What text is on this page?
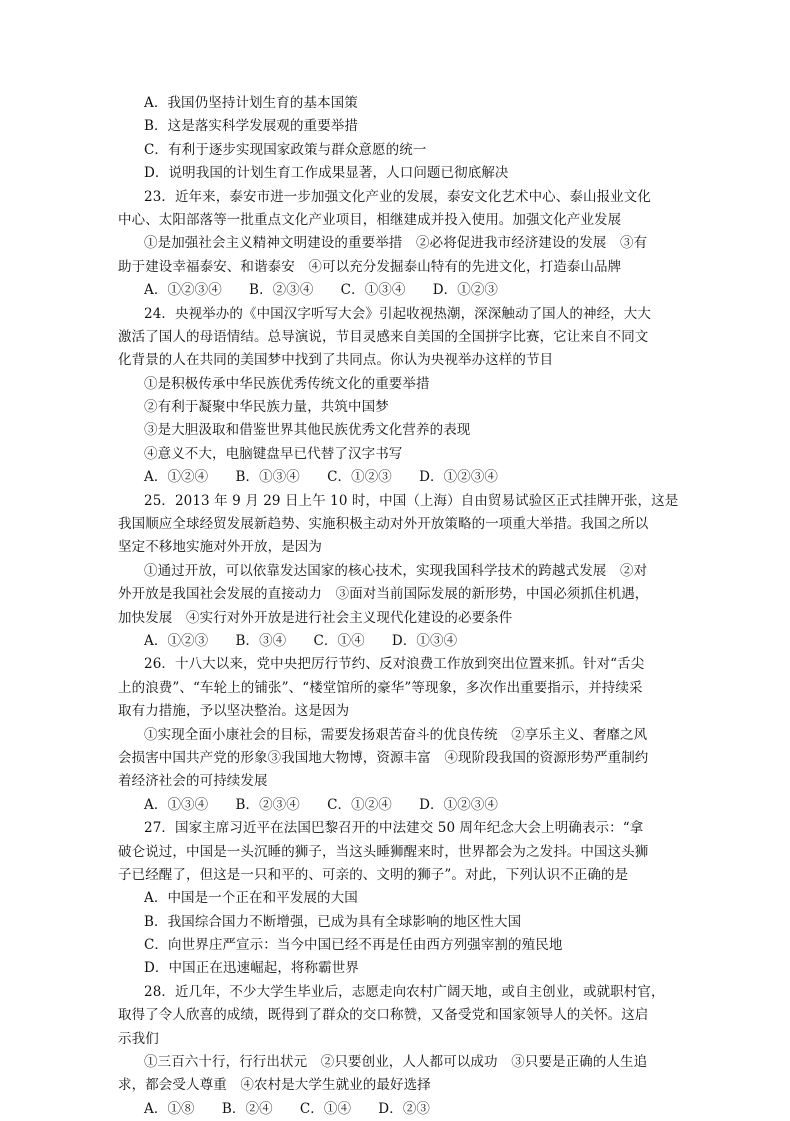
A．我国仍坚持计划生育的基本国策
B．这是落实科学发展观的重要举措
C．有利于逐步实现国家政策与群众意愿的统一
D．说明我国的计划生育工作成果显著，人口问题已彻底解决
23．近年来，泰安市进一步加强文化产业的发展，泰安文化艺术中心、泰山报业文化
中心、太阳部落等一批重点文化产业项目，相继建成并投入使用。加强文化产业发展
①是加强社会主义精神文明建设的重要举措　②必将促进我市经济建设的发展　③有
助于建设幸福泰安、和谐泰安　④可以充分发掘泰山特有的先进文化，打造泰山品牌
A．①②③④　　B．②③④　　C．①③④　　D．①②③
24．央视举办的《中国汉字听写大会》引起收视热潮，深深触动了国人的神经，大大
激活了国人的母语情结。总导演说，节目灵感来自美国的全国拼字比赛，它让来自不同文
化背景的人在共同的美国梦中找到了共同点。你认为央视举办这样的节目
①是积极传承中华民族优秀传统文化的重要举措
②有利于凝聚中华民族力量，共筑中国梦
③是大胆汲取和借鉴世界其他民族优秀文化营养的表现
④意义不大，电脑键盘早已代替了汉字书写
A．①②④　　B．①③④　　C．①②③　　D．①②③④
25．2013 年 9 月 29 日上午 10 时，中国（上海）自由贸易试验区正式挂牌开张，这是
我国顺应全球经贸发展新趋势、实施积极主动对外开放策略的一项重大举措。我国之所以
坚定不移地实施对外开放，是因为
①通过开放，可以依靠发达国家的核心技术，实现我国科学技术的跨越式发展　②对
外开放是我国社会发展的直接动力　③面对当前国际发展的新形势，中国必须抓住机遇，
加快发展　④实行对外开放是进行社会主义现代化建设的必要条件
A．①②③　　B．③④　　C．①④　　D．①③④
26．十八大以来，党中央把厉行节约、反对浪费工作放到突出位置来抓。针对“舌尖
上的浪费”、“车轮上的铺张”、“楼堂馆所的豪华”等现象，多次作出重要指示，并持续采
取有力措施，予以坚决整治。这是因为
①实现全面小康社会的目标，需要发扬艰苦奋斗的优良传统　②享乐主义、奢靡之风
会损害中国共产党的形象③我国地大物博，资源丰富　④现阶段我国的资源形势严重制约
着经济社会的可持续发展
A．①③④　　B．②③④　　C．①②④　　D．①②③④
27．国家主席习近平在法国巴黎召开的中法建交 50 周年纪念大会上明确表示：“拿
破仑说过，中国是一头沉睡的狮子，当这头睡狮醒来时，世界都会为之发抖。中国这头狮
子已经醒了，但这是一只和平的、可亲的、文明的狮子”。对此，下列认识不正确的是
A．中国是一个正在和平发展的大国
B．我国综合国力不断增强，已成为具有全球影响的地区性大国
C．向世界庄严宣示：当今中国已经不再是任由西方列强宰割的殖民地
D．中国正在迅速崛起，将称霸世界
28．近几年，不少大学生毕业后，志愿走向农村广阔天地，或自主创业，或就职村官，
取得了令人欣喜的成绩，既得到了群众的交口称赞，又备受党和国家领导人的关怀。这启
示我们
①三百六十行，行行出状元　②只要创业，人人都可以成功　③只要是正确的人生追
求，都会受人尊重　④农村是大学生就业的最好选择
A．①⑧　　B．②④　　C．①④　　D．②③
